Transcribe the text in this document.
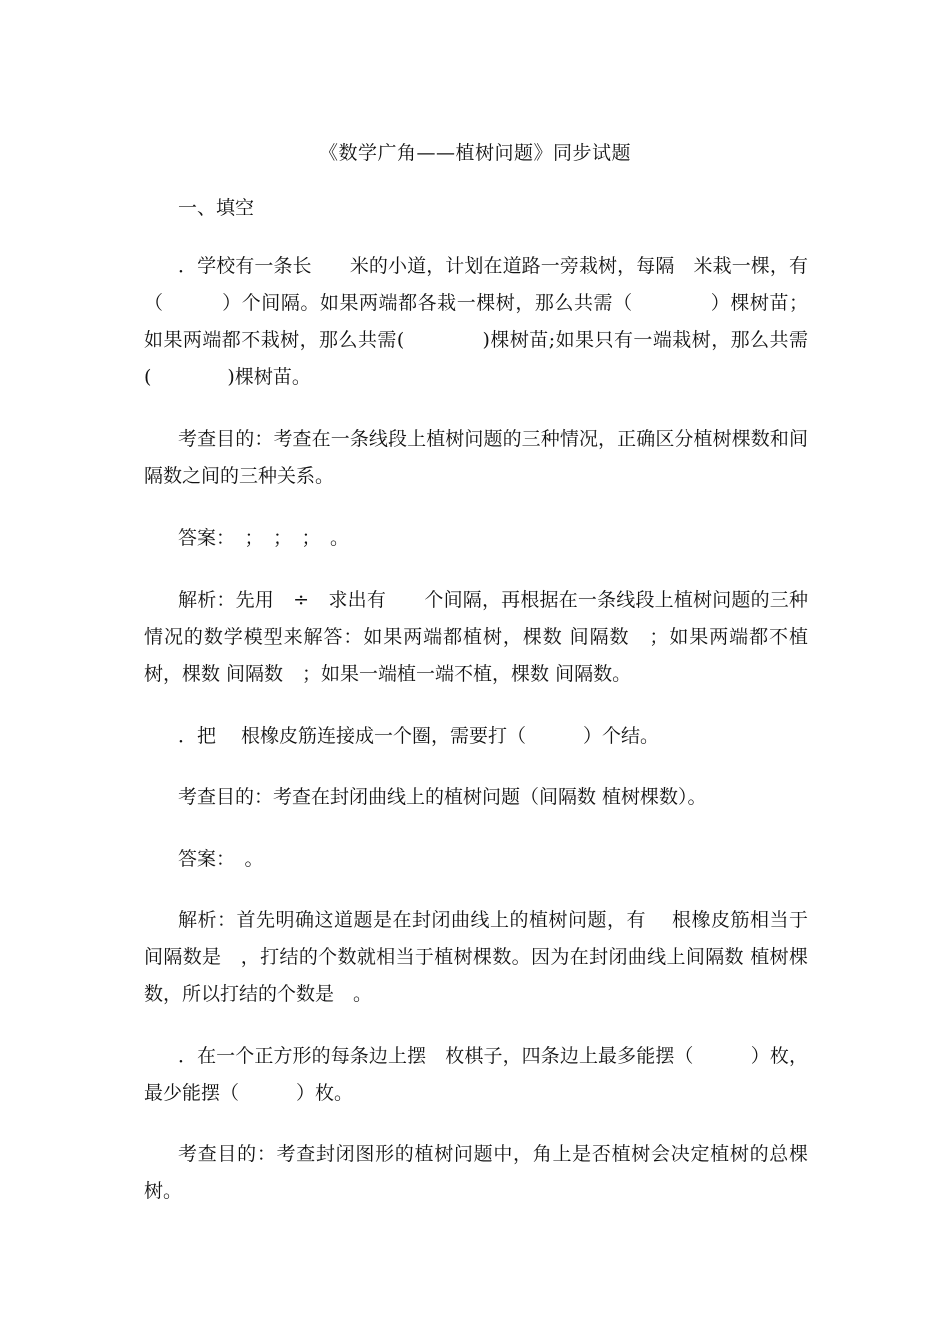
《数学广角——植树问题》同步试题
一、填空

．学校有一条长　　米的小道，计划在道路一旁栽树，每隔　米栽一棵，有（　　　）个间隔。如果两端都各栽一棵树，那么共需（　　　　）棵树苗；如果两端都不栽树，那么共需(　　　　)棵树苗;如果只有一端栽树，那么共需(　　　　)棵树苗。

考查目的：考查在一条线段上植树问题的三种情况，正确区分植树棵数和间隔数之间的三种关系。

答案：　；　；　；　。

解析：先用　÷　求出有　　个间隔，再根据在一条线段上植树问题的三种情况的数学模型来解答：如果两端都植树，棵数 间隔数　；如果两端都不植树，棵数 间隔数　；如果一端植一端不植，棵数 间隔数。

．把　 根橡皮筋连接成一个圈，需要打（　　　）个结。

考查目的：考查在封闭曲线上的植树问题（间隔数 植树棵数）。

答案：　。

解析：首先明确这道题是在封闭曲线上的植树问题，有　 根橡皮筋相当于间隔数是　，打结的个数就相当于植树棵数。因为在封闭曲线上间隔数 植树棵数，所以打结的个数是　。

．在一个正方形的每条边上摆　枚棋子，四条边上最多能摆（　　　）枚，最少能摆（　　　）枚。

考查目的：考查封闭图形的植树问题中，角上是否植树会决定植树的总棵树。
